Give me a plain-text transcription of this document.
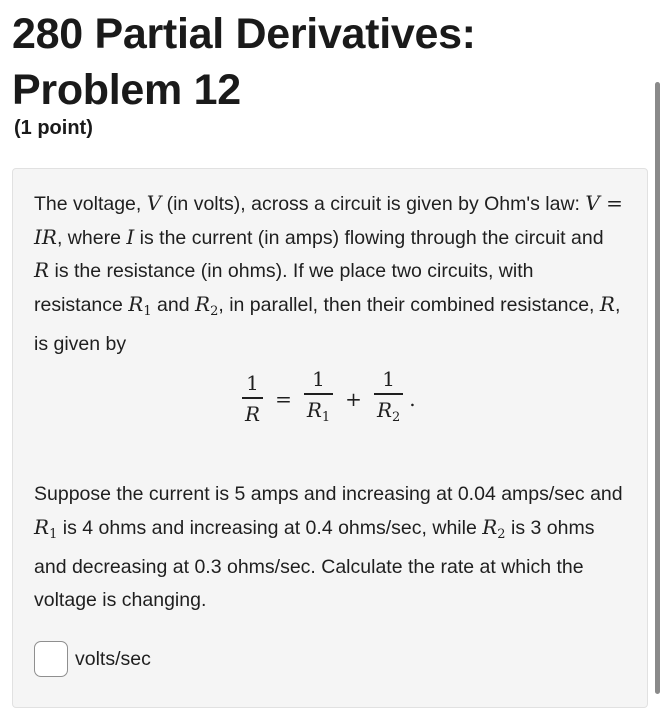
280 Partial Derivatives:
Problem 12
(1 point)

The voltage, V (in volts), across a circuit is given by Ohm's law: V = IR, where I is the current (in amps) flowing through the circuit and R is the resistance (in ohms). If we place two circuits, with resistance $R_1$ and $R_2$, in parallel, then their combined resistance, R, is given by

$\frac{1}{R} = \frac{1}{R_1} + \frac{1}{R_2}$ .

Suppose the current is 5 amps and increasing at 0.04 amps/sec and $R_1$ is 4 ohms and increasing at 0.4 ohms/sec, while $R_2$ is 3 ohms and decreasing at 0.3 ohms/sec. Calculate the rate at which the voltage is changing.

volts/sec
